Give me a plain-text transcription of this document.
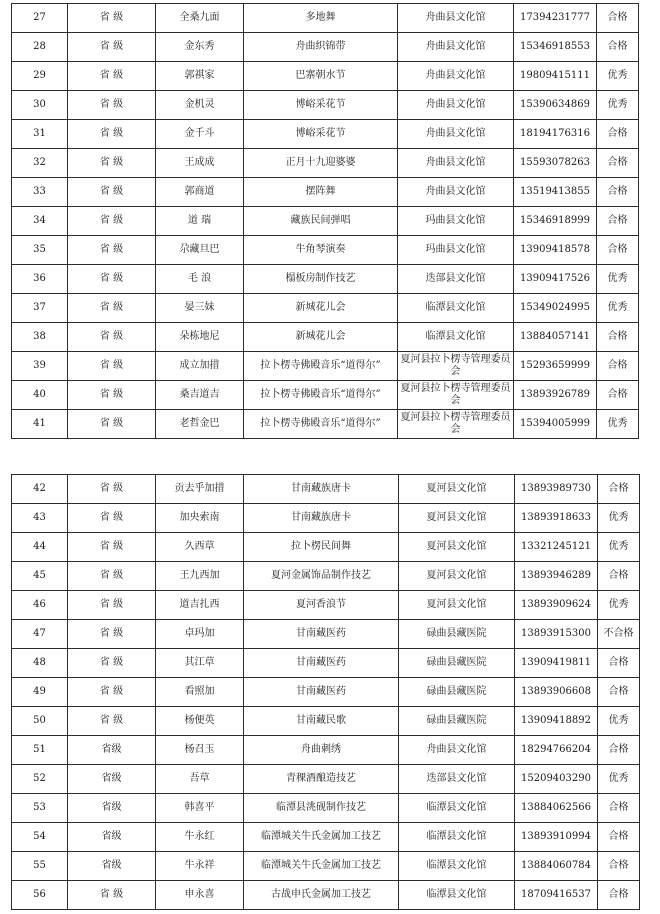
27	省 级	全桑九面	多地舞	舟曲县文化馆	17394231777	合格
28	省 级	金东秀	舟曲织锦带	舟曲县文化馆	15346918553	合格
29	省 级	郭祺家	巴寨朝水节	舟曲县文化馆	19809415111	优秀
30	省 级	金机灵	博峪采花节	舟曲县文化馆	15390634869	优秀
31	省 级	金千斗	博峪采花节	舟曲县文化馆	18194176316	合格
32	省 级	王成成	正月十九迎婆婆	舟曲县文化馆	15593078263	合格
33	省 级	郭商道	摆阵舞	舟曲县文化馆	13519413855	合格
34	省 级	道 瑞	藏族民间弹唱	玛曲县文化馆	15346918999	合格
35	省 级	尕藏旦巴	牛角琴演奏	玛曲县文化馆	13909418578	合格
36	省 级	毛 浪	榻板房制作技艺	迭部县文化馆	13909417526	优秀
37	省 级	晏三妹	新城花儿会	临潭县文化馆	15349024995	优秀
38	省 级	朵栋地尼	新城花儿会	临潭县文化馆	13884057141	合格
39	省 级	成立加措	拉卜楞寺佛殿音乐“道得尔”	夏河县拉卜楞寺管理委员会	15293659999	合格
40	省 级	桑吉道吉	拉卜楞寺佛殿音乐“道得尔”	夏河县拉卜楞寺管理委员会	13893926789	合格
41	省 级	老哲金巴	拉卜楞寺佛殿音乐“道得尔”	夏河县拉卜楞寺管理委员会	15394005999	优秀
42	省 级	贡去乎加措	甘南藏族唐卡	夏河县文化馆	13893989730	合格
43	省 级	加央索南	甘南藏族唐卡	夏河县文化馆	13893918633	优秀
44	省 级	久西草	拉卜楞民间舞	夏河县文化馆	13321245121	优秀
45	省 级	王九西加	夏河金属饰品制作技艺	夏河县文化馆	13893946289	合格
46	省 级	道吉扎西	夏河香浪节	夏河县文化馆	13893909624	优秀
47	省 级	卓玛加	甘南藏医药	碌曲县藏医院	13893915300	不合格
48	省 级	其江草	甘南藏医药	碌曲县藏医院	13909419811	合格
49	省 级	看照加	甘南藏医药	碌曲县藏医院	13893906608	合格
50	省 级	杨便英	甘南藏民歌	碌曲县藏医院	13909418892	优秀
51	省级	杨召玉	舟曲刺绣	舟曲县文化馆	18294766204	合格
52	省级	吾草	青稞酒酿造技艺	迭部县文化馆	15209403290	优秀
53	省级	韩喜平	临潭县洮砚制作技艺	临潭县文化馆	13884062566	合格
54	省级	牛永红	临潭城关牛氏金属加工技艺	临潭县文化馆	13893910994	合格
55	省级	牛永祥	临潭城关牛氏金属加工技艺	临潭县文化馆	13884060784	合格
56	省 级	申永喜	古战申氏金属加工技艺	临潭县文化馆	18709416537	合格
